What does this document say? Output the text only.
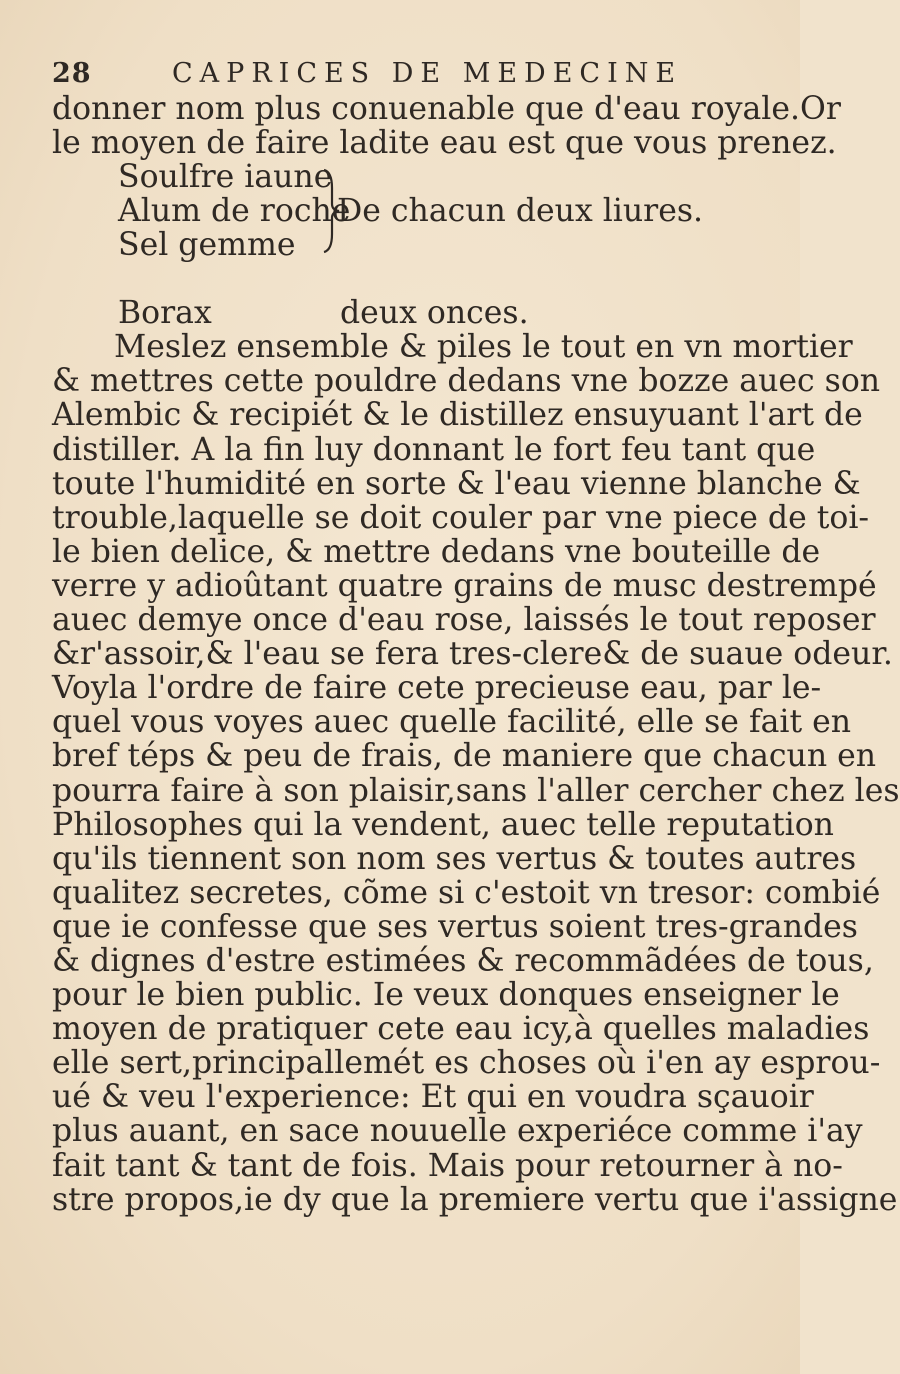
28	CAPRICES DE MEDECINE
donner nom plus conuenable que d'eau royale.Or
le moyen de faire ladite eau est que vous prenez.
Soulfre iaune
Alum de roche
Sel gemme
De chacun deux liures.
Borax	deux onces.
Meslez ensemble & piles le tout en vn mortier
& mettres cette pouldre dedans vne bozze auec son
Alembic & recipiét & le distillez ensuyuant l'art de
distiller. A la fin luy donnant le fort feu tant que
toute l'humidité en sorte & l'eau vienne blanche &
trouble,laquelle se doit couler par vne piece de toi-
le bien delice, & mettre dedans vne bouteille de
verre y adioûtant quatre grains de musc destrempé
auec demye once d'eau rose, laissés le tout reposer
&r'assoir,& l'eau se fera tres-clere& de suaue odeur.
Voyla l'ordre de faire cete precieuse eau, par le-
quel vous voyes auec quelle facilité, elle se fait en
bref téps & peu de frais, de maniere que chacun en
pourra faire à son plaisir,sans l'aller cercher chez les
Philosophes qui la vendent, auec telle reputation
qu'ils tiennent son nom ses vertus & toutes autres
qualitez secretes, cõme si c'estoit vn tresor: combié
que ie confesse que ses vertus soient tres-grandes
& dignes d'estre estimées & recommãdées de tous,
pour le bien public. Ie veux donques enseigner le
moyen de pratiquer cete eau icy,à quelles maladies
elle sert,principallemét es choses où i'en ay esprou-
ué & veu l'experience: Et qui en voudra sçauoir
plus auant, en sace nouuelle experiéce comme i'ay
fait tant & tant de fois. Mais pour retourner à no-
stre propos,ie dy que la premiere vertu que i'assigne
